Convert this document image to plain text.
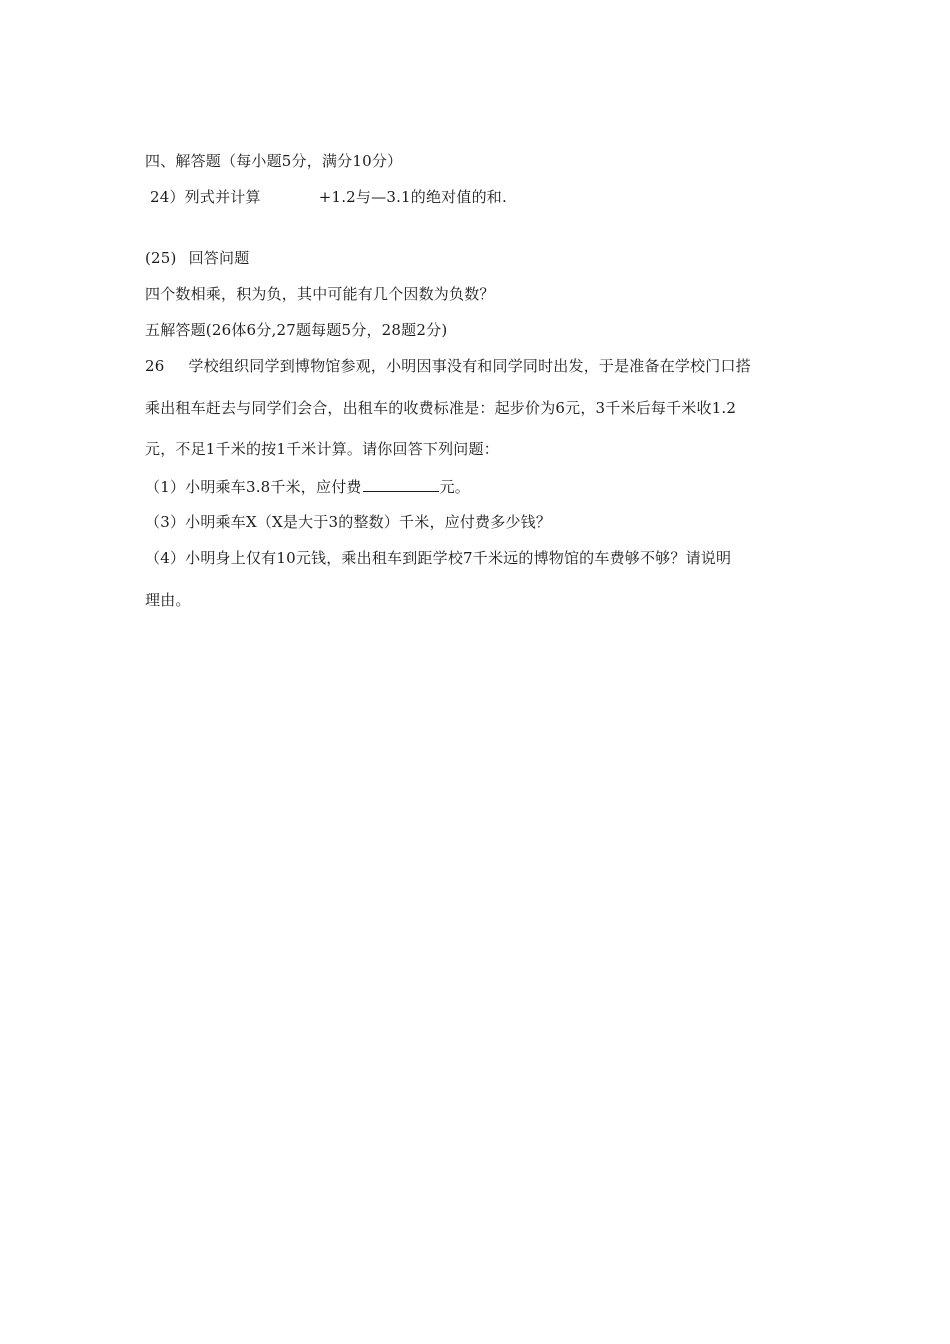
四、解答题（每小题5分，满分10分）
24）列式并计算	+1.2与—3.1的绝对值的和.
(25) 回答问题
四个数相乘，积为负，其中可能有几个因数为负数？
五解答题(26体6分,27题每题5分，28题2分)
26 学校组织同学到博物馆参观，小明因事没有和同学同时出发，于是准备在学校门口搭
乘出租车赶去与同学们会合，出租车的收费标准是：起步价为6元，3千米后每千米收1.2
元，不足1千米的按1千米计算。请你回答下列问题：
（1）小明乘车3.8千米，应付费	元。
（3）小明乘车X（X是大于3的整数）千米，应付费多少钱？
（4）小明身上仅有10元钱，乘出租车到距学校7千米远的博物馆的车费够不够？请说明
理由。
